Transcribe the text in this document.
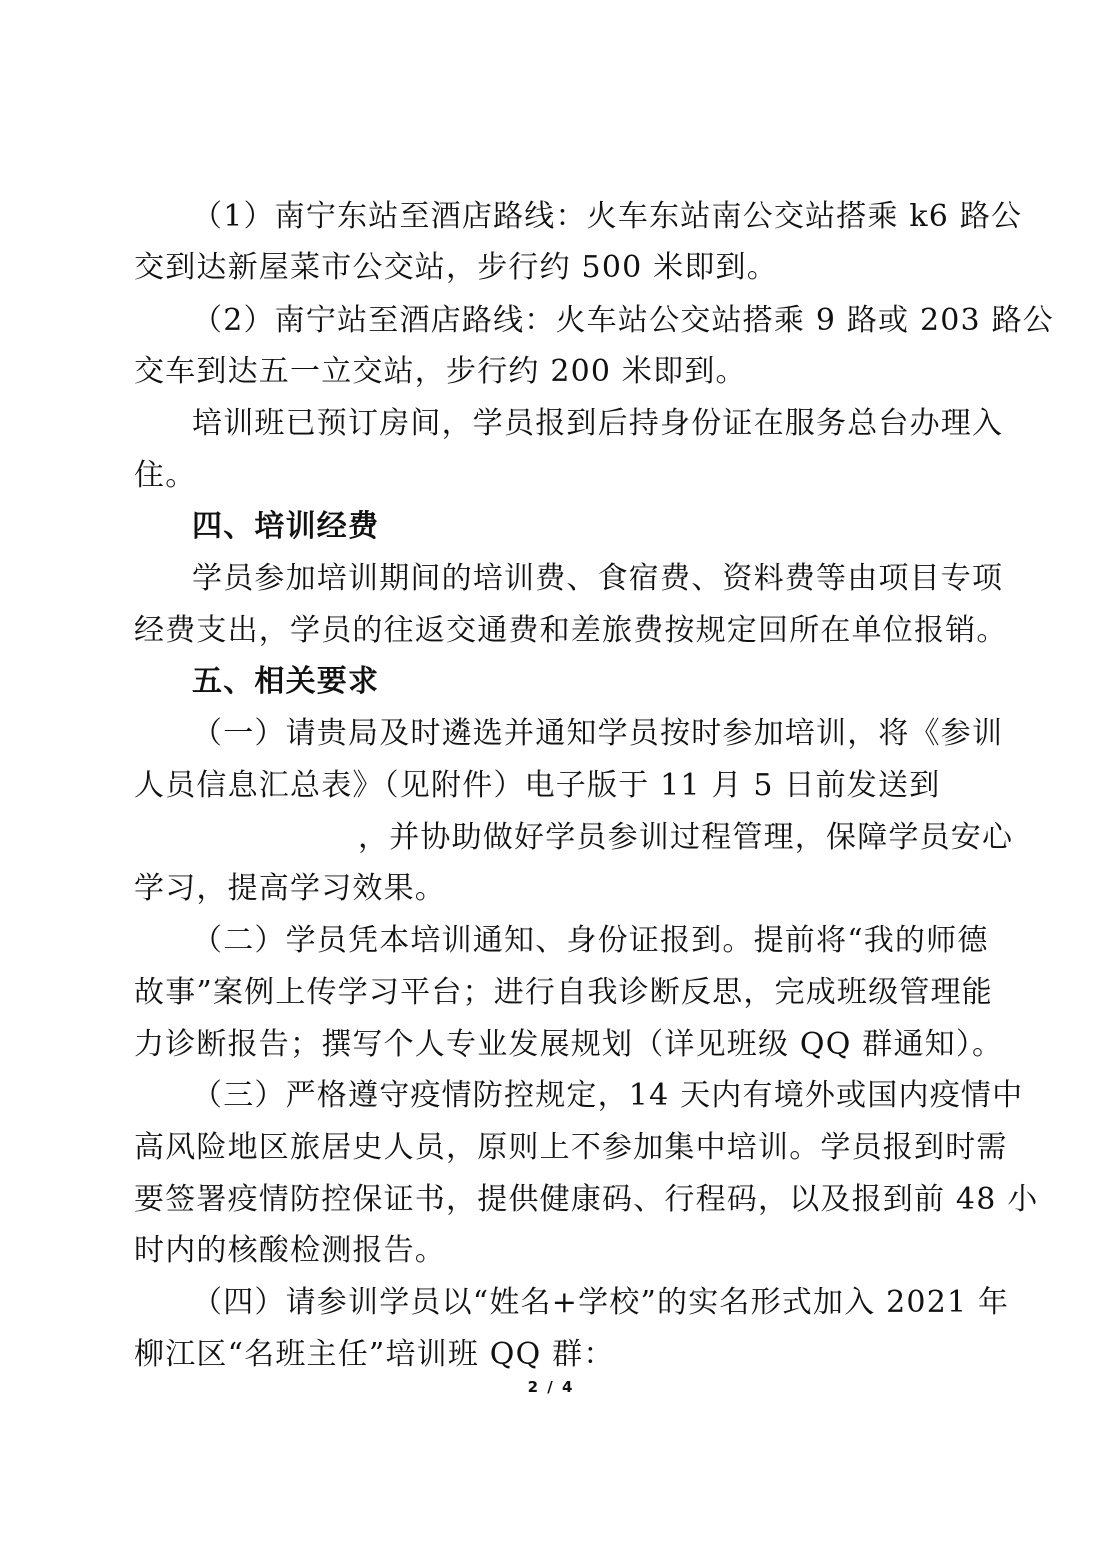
（1）南宁东站至酒店路线：火车东站南公交站搭乘 k6 路公
交到达新屋菜市公交站，步行约 500 米即到。
（2）南宁站至酒店路线：火车站公交站搭乘 9 路或 203 路公
交车到达五一立交站，步行约 200 米即到。
培训班已预订房间，学员报到后持身份证在服务总台办理入
住。
四、培训经费
学员参加培训期间的培训费、食宿费、资料费等由项目专项
经费支出，学员的往返交通费和差旅费按规定回所在单位报销。
五、相关要求
（一）请贵局及时遴选并通知学员按时参加培训，将《参训
人员信息汇总表》（见附件）电子版于 11 月 5 日前发送到
，并协助做好学员参训过程管理，保障学员安心
学习，提高学习效果。
（二）学员凭本培训通知、身份证报到。提前将“我的师德
故事”案例上传学习平台；进行自我诊断反思，完成班级管理能
力诊断报告；撰写个人专业发展规划（详见班级 QQ 群通知）。
（三）严格遵守疫情防控规定，14 天内有境外或国内疫情中
高风险地区旅居史人员，原则上不参加集中培训。学员报到时需
要签署疫情防控保证书，提供健康码、行程码，以及报到前 48 小
时内的核酸检测报告。
（四）请参训学员以“姓名+学校”的实名形式加入 2021 年
柳江区“名班主任”培训班 QQ 群：
2 / 4
